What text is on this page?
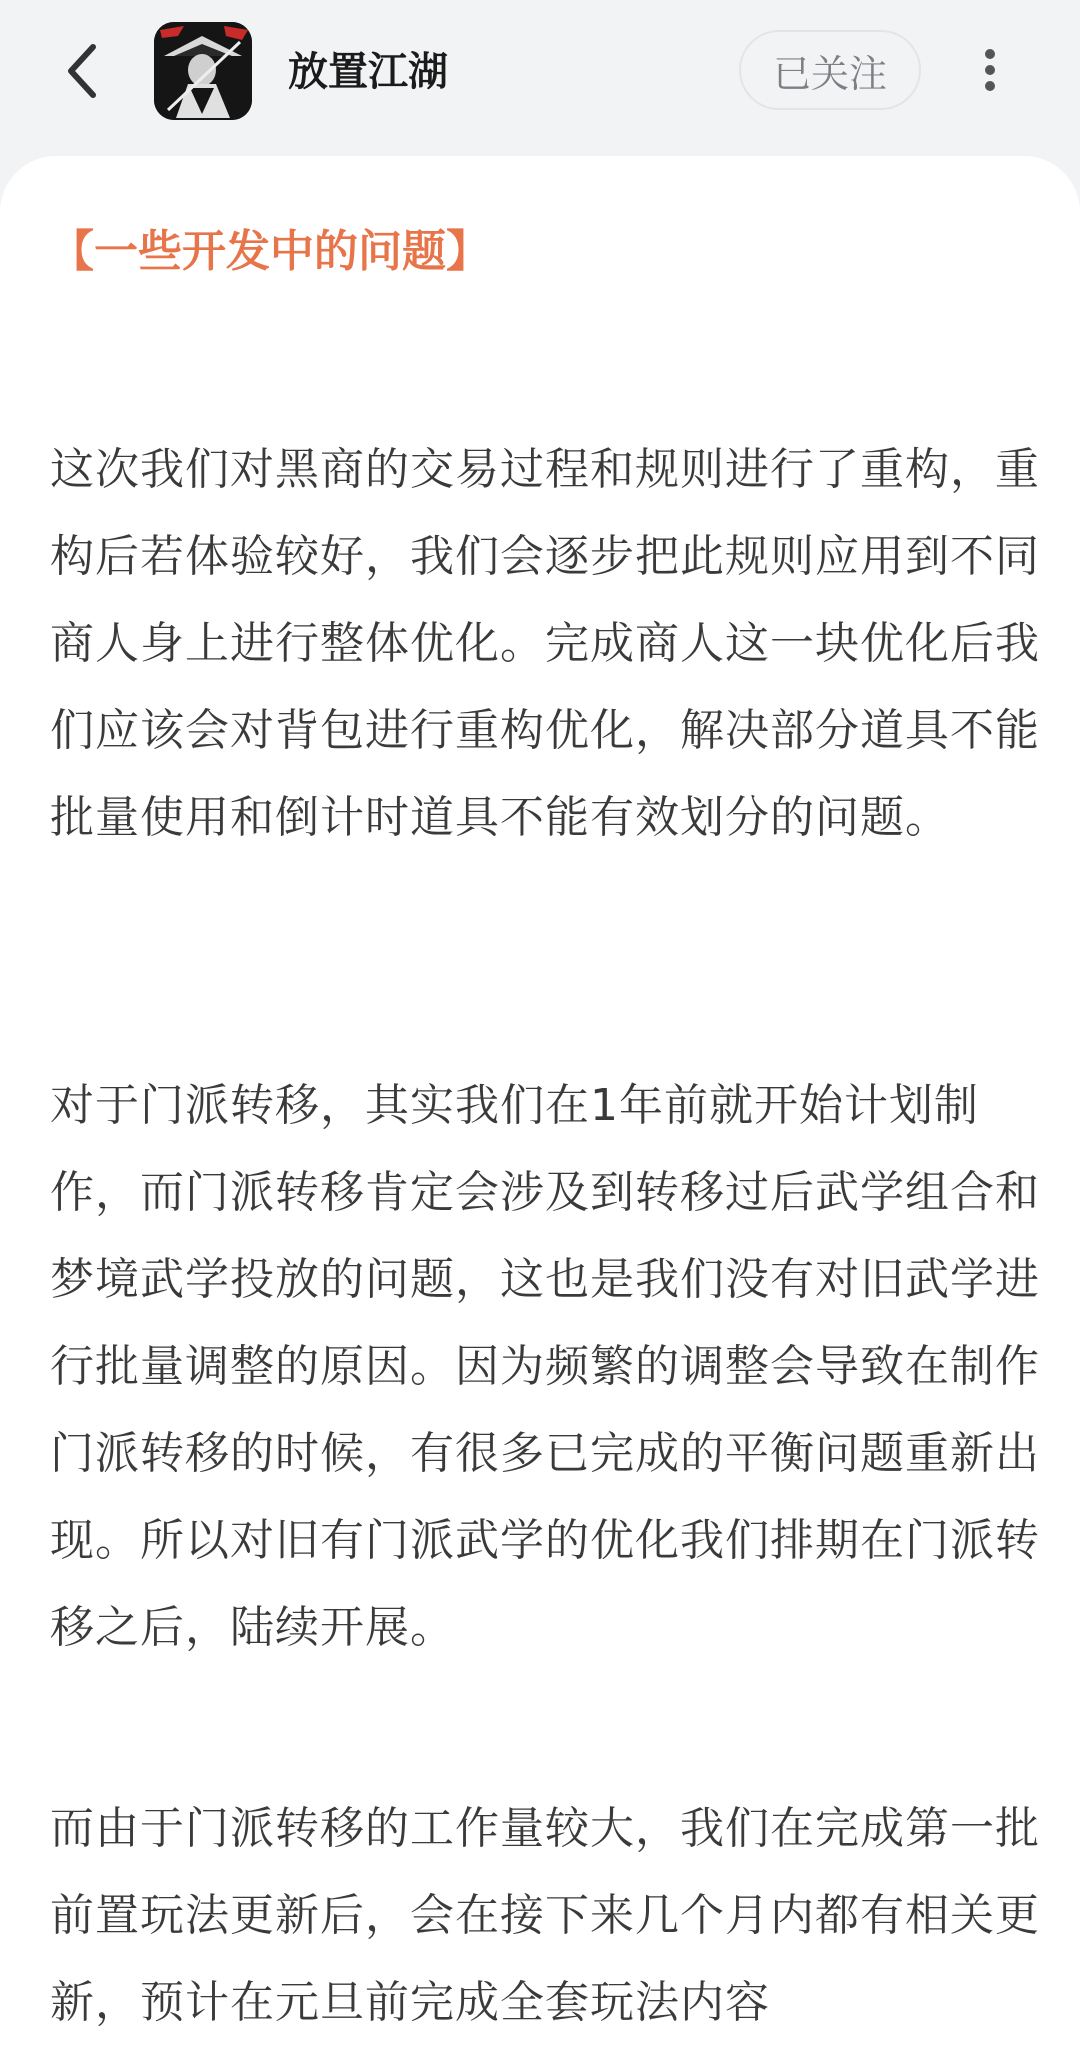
放置江湖	已关注
【一些开发中的问题】

这次我们对黑商的交易过程和规则进行了重构，重构后若体验较好，我们会逐步把此规则应用到不同商人身上进行整体优化。完成商人这一块优化后我们应该会对背包进行重构优化，解决部分道具不能批量使用和倒计时道具不能有效划分的问题。

对于门派转移，其实我们在1年前就开始计划制作，而门派转移肯定会涉及到转移过后武学组合和梦境武学投放的问题，这也是我们没有对旧武学进行批量调整的原因。因为频繁的调整会导致在制作门派转移的时候，有很多已完成的平衡问题重新出现。所以对旧有门派武学的优化我们排期在门派转移之后，陆续开展。

而由于门派转移的工作量较大，我们在完成第一批前置玩法更新后，会在接下来几个月内都有相关更新，预计在元旦前完成全套玩法内容
